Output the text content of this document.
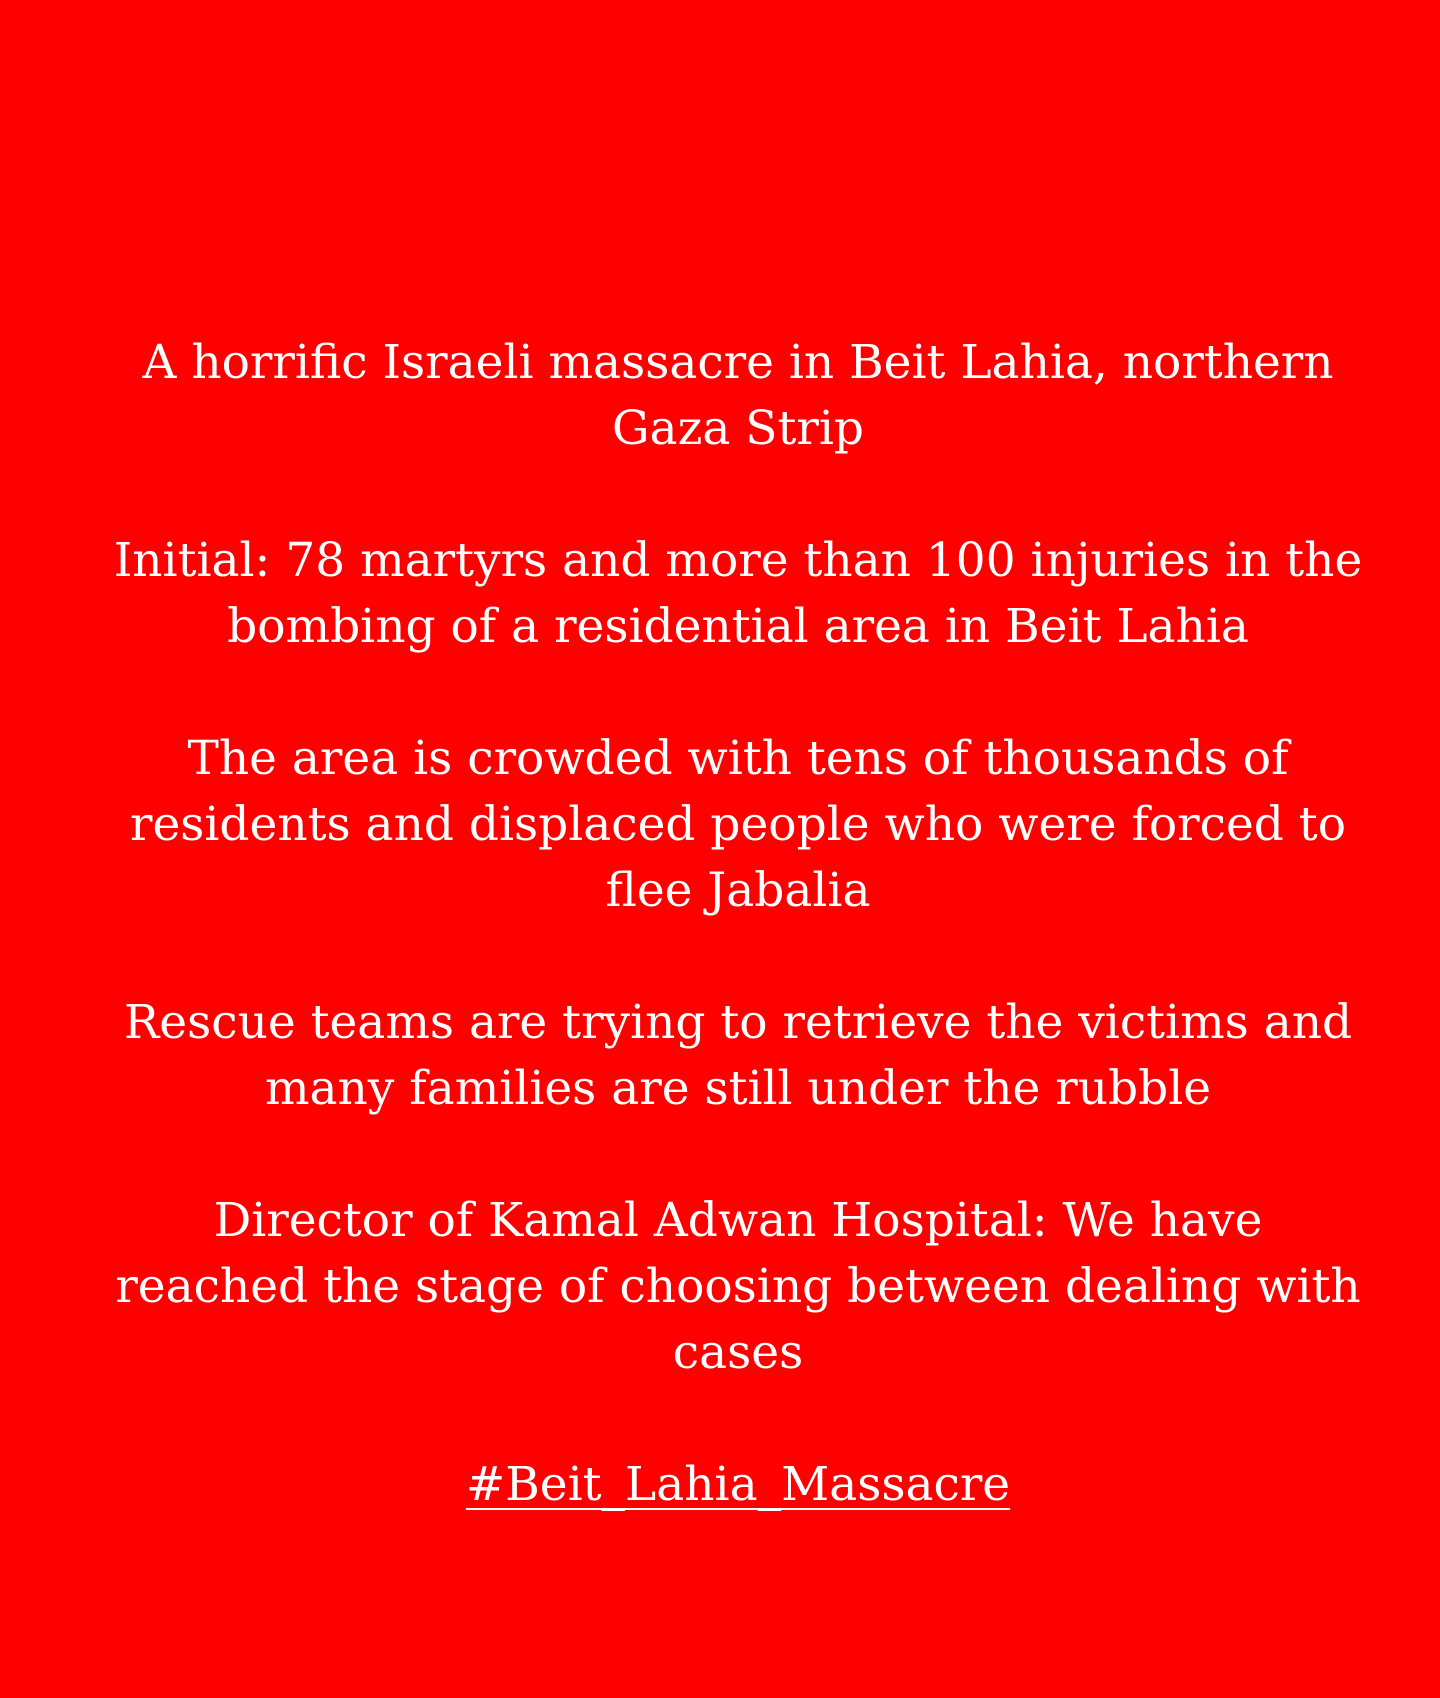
A horrific Israeli massacre in Beit Lahia, northern
Gaza Strip

Initial: 78 martyrs and more than 100 injuries in the
bombing of a residential area in Beit Lahia

The area is crowded with tens of thousands of
residents and displaced people who were forced to
flee Jabalia

Rescue teams are trying to retrieve the victims and
many families are still under the rubble

Director of Kamal Adwan Hospital: We have
reached the stage of choosing between dealing with
cases

#Beit_Lahia_Massacre
